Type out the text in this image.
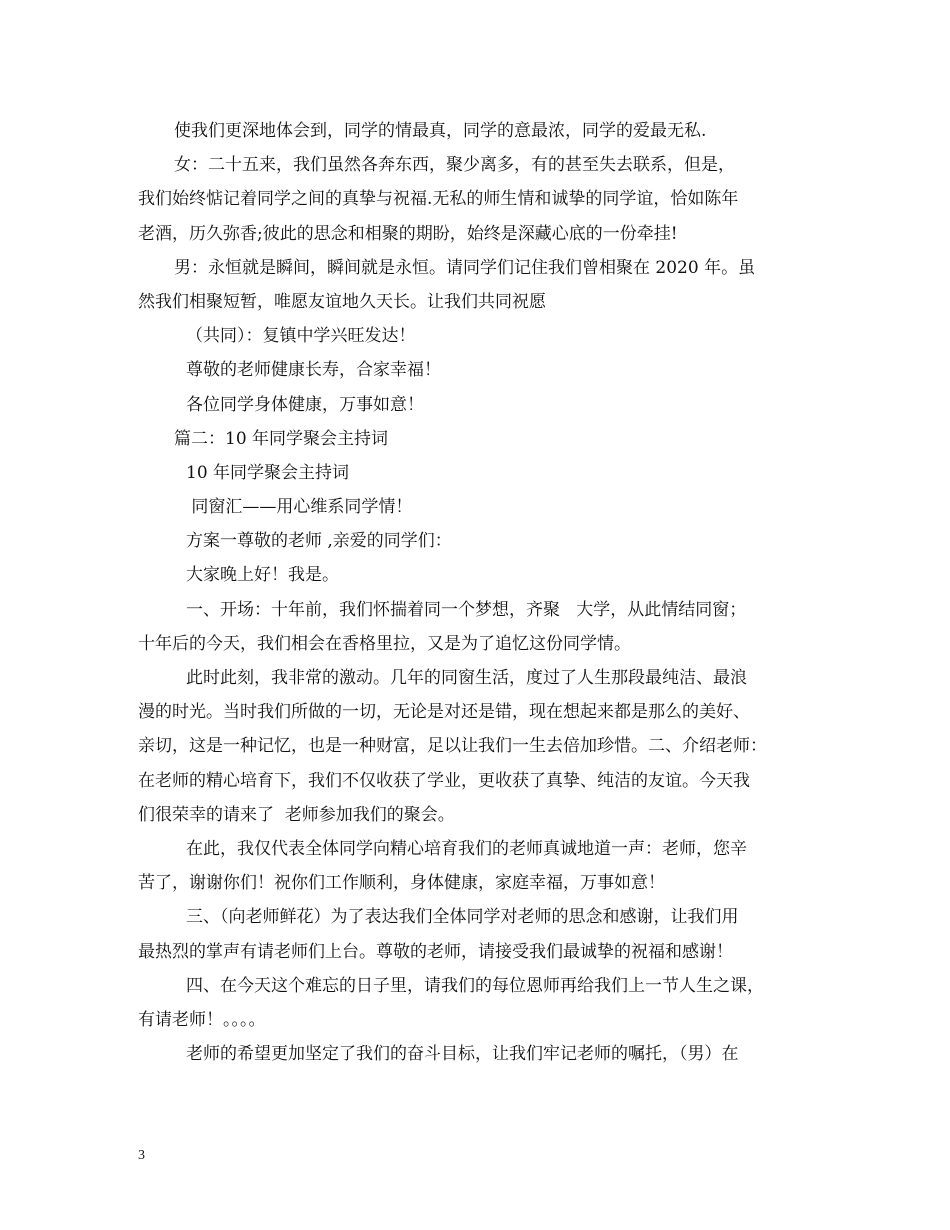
使我们更深地体会到，同学的情最真，同学的意最浓，同学的爱最无私.
女：二十五来，我们虽然各奔东西，聚少离多，有的甚至失去联系，但是，
我们始终惦记着同学之间的真挚与祝福.无私的师生情和诚挚的同学谊，恰如陈年
老酒，历久弥香;彼此的思念和相聚的期盼，始终是深藏心底的一份牵挂!
男：永恒就是瞬间，瞬间就是永恒。请同学们记住我们曾相聚在 2020 年。虽
然我们相聚短暂，唯愿友谊地久天长。让我们共同祝愿
（共同）：复镇中学兴旺发达！
尊敬的老师健康长寿，合家幸福！
各位同学身体健康，万事如意！
篇二：10 年同学聚会主持词
10 年同学聚会主持词
同窗汇——用心维系同学情！
方案一尊敬的老师 ,亲爱的同学们：
大家晚上好！我是。
一、开场：十年前，我们怀揣着同一个梦想，齐聚   大学，从此情结同窗；
十年后的今天，我们相会在香格里拉，又是为了追忆这份同学情。
此时此刻，我非常的激动。几年的同窗生活，度过了人生那段最纯洁、最浪
漫的时光。当时我们所做的一切，无论是对还是错，现在想起来都是那么的美好、
亲切，这是一种记忆，也是一种财富，足以让我们一生去倍加珍惜。二、介绍老师：
在老师的精心培育下，我们不仅收获了学业，更收获了真挚、纯洁的友谊。今天我
们很荣幸的请来了  老师参加我们的聚会。
在此，我仅代表全体同学向精心培育我们的老师真诚地道一声：老师，您辛
苦了，谢谢你们！祝你们工作顺利，身体健康，家庭幸福，万事如意！
三、（向老师鲜花）为了表达我们全体同学对老师的思念和感谢，让我们用
最热烈的掌声有请老师们上台。尊敬的老师，请接受我们最诚挚的祝福和感谢！
四、在今天这个难忘的日子里，请我们的每位恩师再给我们上一节人生之课，
有请老师！。。。。
老师的希望更加坚定了我们的奋斗目标，让我们牢记老师的嘱托，（男）在
3
